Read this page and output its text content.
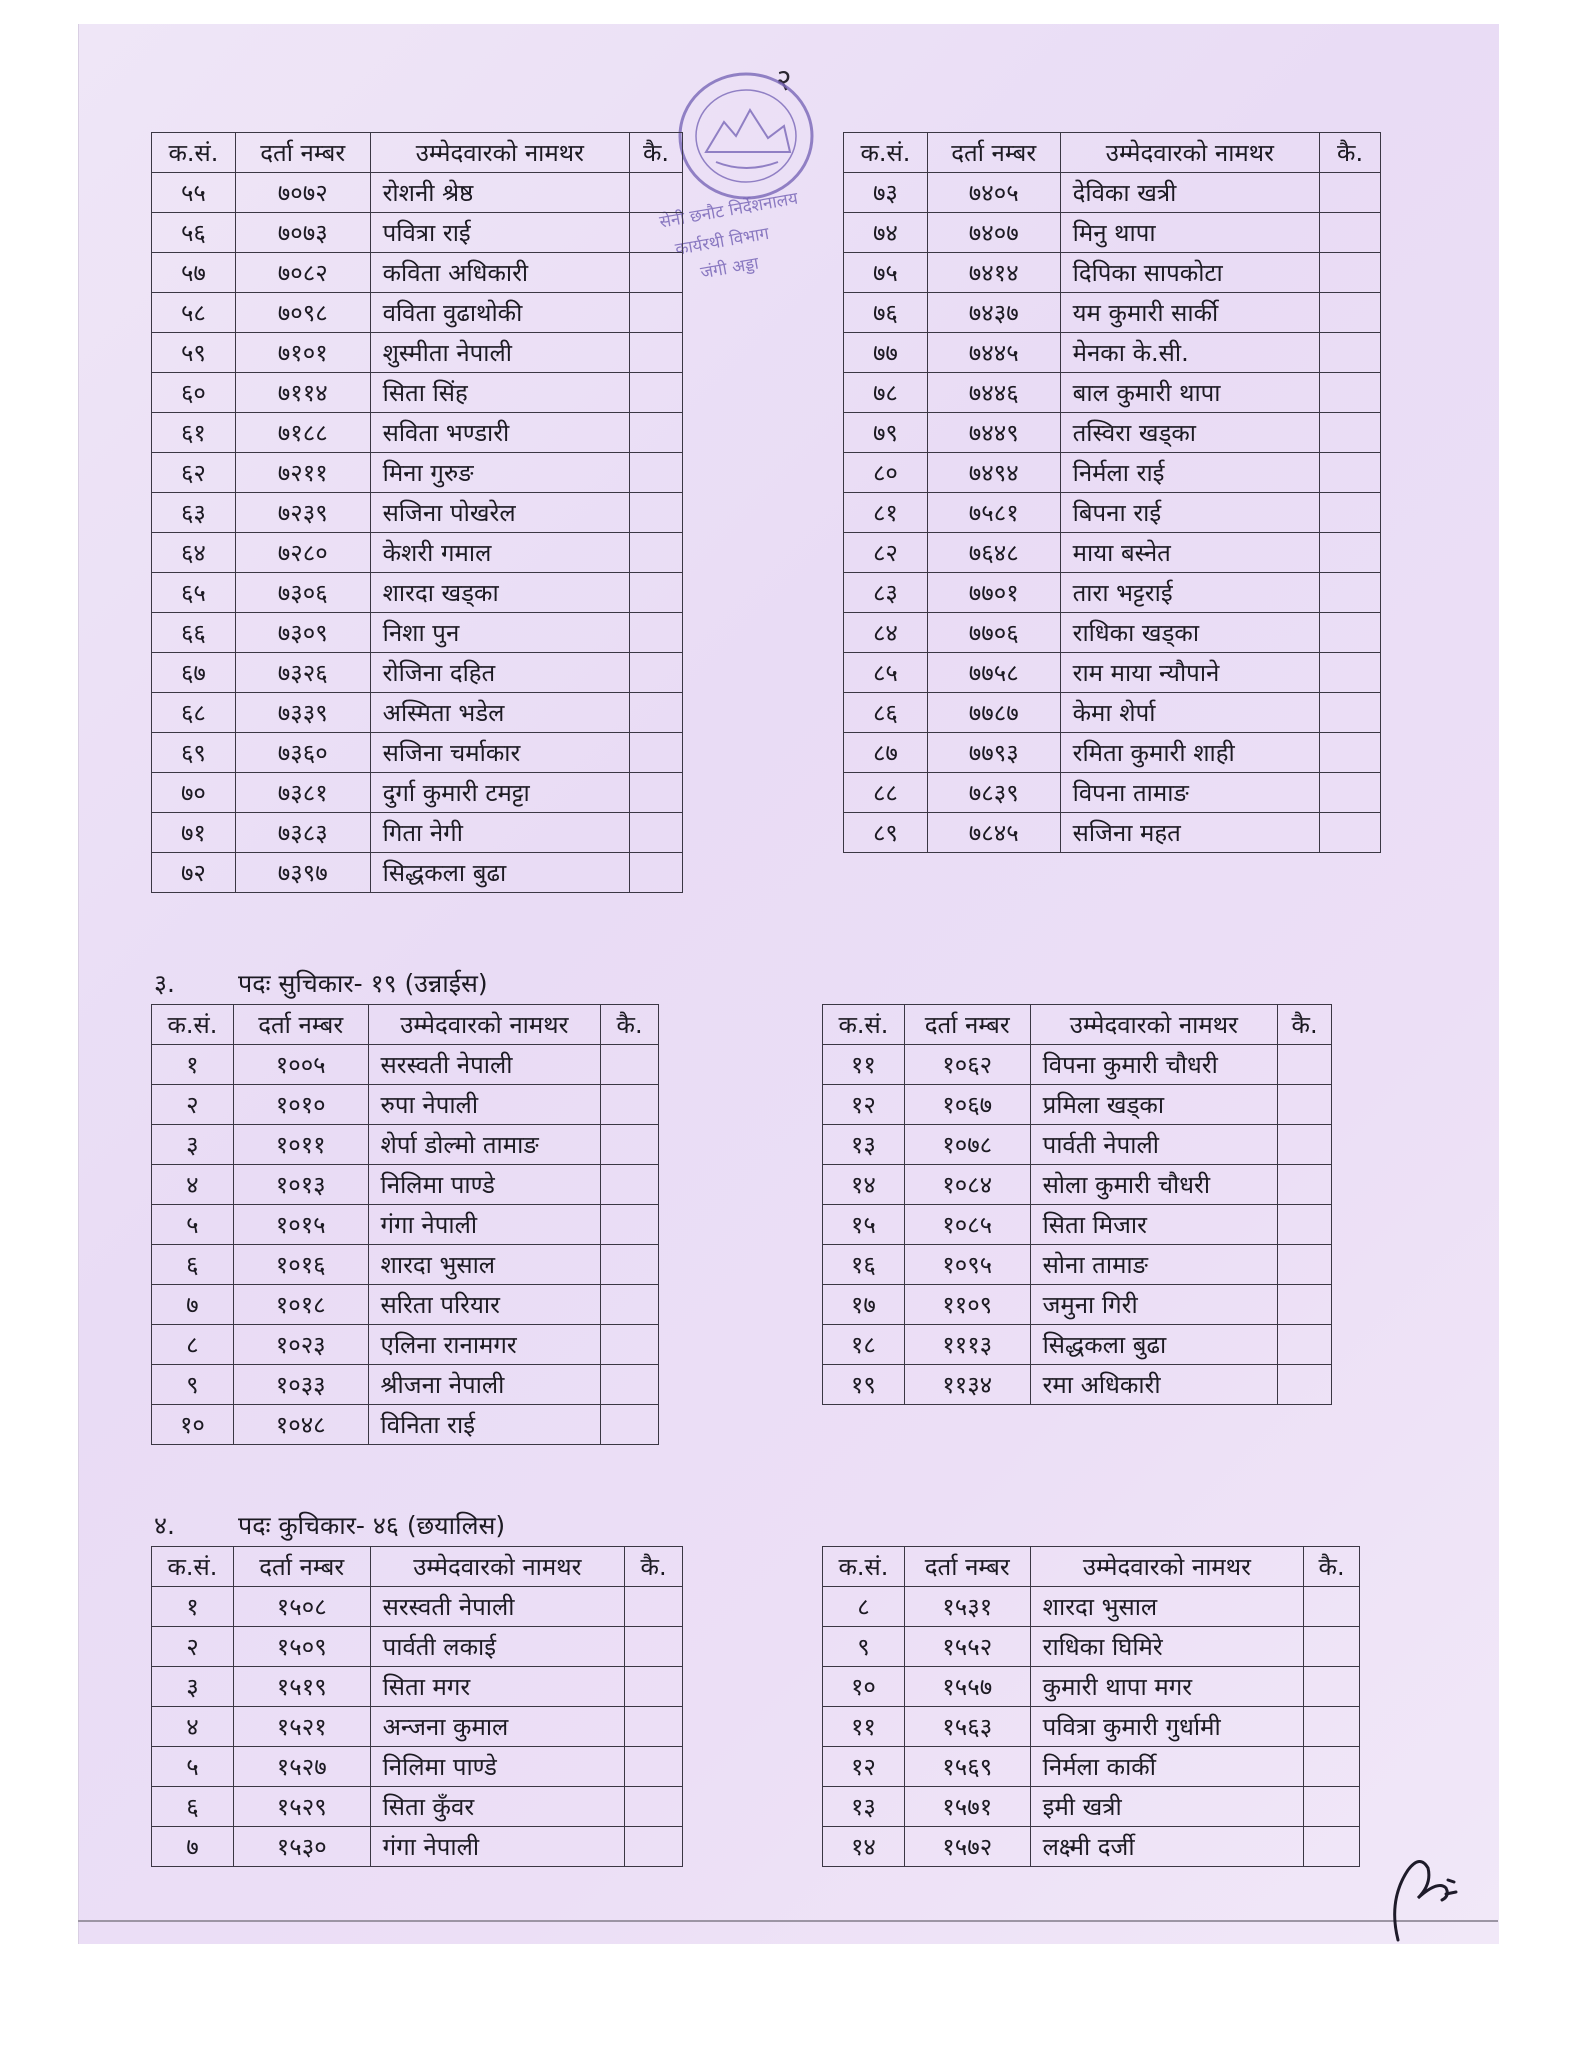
२
सेनी छनौट निर्देशनालय
कार्यरथी विभाग
जंगी अड्डा
क.सं.	दर्ता नम्बर	उम्मेदवारको नामथर	कै.
५५	७०७२	रोशनी श्रेष्ठ	
५६	७०७३	पवित्रा राई	
५७	७०८२	कविता अधिकारी	
५८	७०९८	वविता वुढाथोकी	
५९	७१०१	शुस्मीता नेपाली	
६०	७११४	सिता सिंह	
६१	७१८८	सविता भण्डारी	
६२	७२११	मिना गुरुङ	
६३	७२३९	सजिना पोखरेल	
६४	७२८०	केशरी गमाल	
६५	७३०६	शारदा खड्का	
६६	७३०९	निशा पुन	
६७	७३२६	रोजिना दहित	
६८	७३३९	अस्मिता भडेल	
६९	७३६०	सजिना चर्माकार	
७०	७३८१	दुर्गा कुमारी टमट्टा	
७१	७३८३	गिता नेगी	
७२	७३९७	सिद्धकला बुढा	
क.सं.	दर्ता नम्बर	उम्मेदवारको नामथर	कै.
७३	७४०५	देविका खत्री	
७४	७४०७	मिनु थापा	
७५	७४१४	दिपिका सापकोटा	
७६	७४३७	यम कुमारी सार्की	
७७	७४४५	मेनका के.सी.	
७८	७४४६	बाल कुमारी थापा	
७९	७४४९	तस्विरा खड्का	
८०	७४९४	निर्मला राई	
८१	७५८१	बिपना राई	
८२	७६४८	माया बस्नेत	
८३	७७०१	तारा भट्टराई	
८४	७७०६	राधिका खड्का	
८५	७७५८	राम माया न्यौपाने	
८६	७७८७	केमा शेर्पा	
८७	७७९३	रमिता कुमारी शाही	
८८	७८३९	विपना तामाङ	
८९	७८४५	सजिना महत	
३.	पदः सुचिकार- १९ (उन्नाईस)
क.सं.	दर्ता नम्बर	उम्मेदवारको नामथर	कै.
१	१००५	सरस्वती नेपाली	
२	१०१०	रुपा नेपाली	
३	१०११	शेर्पा डोल्मो तामाङ	
४	१०१३	निलिमा पाण्डे	
५	१०१५	गंगा नेपाली	
६	१०१६	शारदा भुसाल	
७	१०१८	सरिता परियार	
८	१०२३	एलिना रानामगर	
९	१०३३	श्रीजना नेपाली	
१०	१०४८	विनिता राई	
क.सं.	दर्ता नम्बर	उम्मेदवारको नामथर	कै.
११	१०६२	विपना कुमारी चौधरी	
१२	१०६७	प्रमिला खड्का	
१३	१०७८	पार्वती नेपाली	
१४	१०८४	सोला कुमारी चौधरी	
१५	१०८५	सिता मिजार	
१६	१०९५	सोना तामाङ	
१७	११०९	जमुना गिरी	
१८	१११३	सिद्धकला बुढा	
१९	११३४	रमा अधिकारी	
४.	पदः कुचिकार- ४६ (छयालिस)
क.सं.	दर्ता नम्बर	उम्मेदवारको नामथर	कै.
१	१५०८	सरस्वती नेपाली	
२	१५०९	पार्वती लकाई	
३	१५१९	सिता मगर	
४	१५२१	अन्जना कुमाल	
५	१५२७	निलिमा पाण्डे	
६	१५२९	सिता कुँवर	
७	१५३०	गंगा नेपाली	
क.सं.	दर्ता नम्बर	उम्मेदवारको नामथर	कै.
८	१५३१	शारदा भुसाल	
९	१५५२	राधिका घिमिरे	
१०	१५५७	कुमारी थापा मगर	
११	१५६३	पवित्रा कुमारी गुर्धामी	
१२	१५६९	निर्मला कार्की	
१३	१५७१	इमी खत्री	
१४	१५७२	लक्ष्मी दर्जी	
